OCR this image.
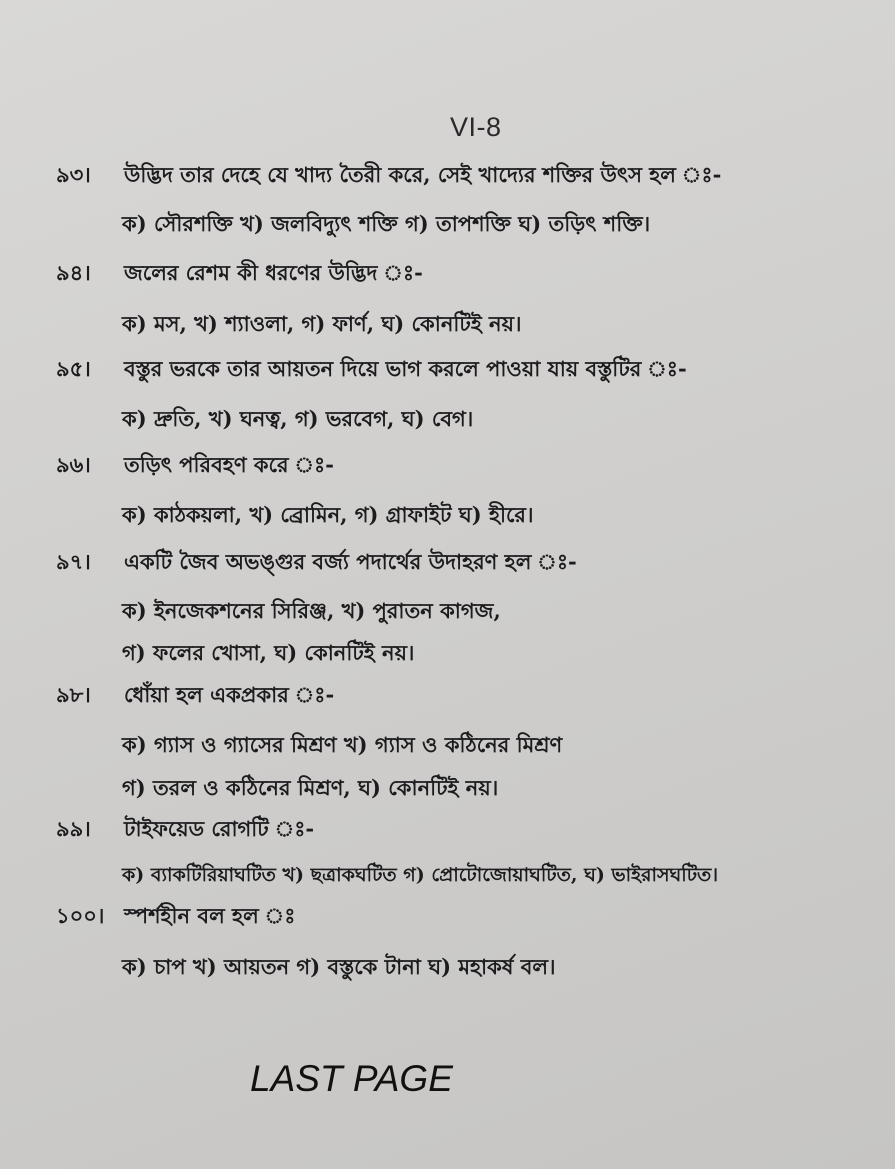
VI-8
৯৩। উদ্ভিদ তার দেহে যে খাদ্য তৈরী করে, সেই খাদ্যের শক্তির উৎস হল ঃ-
ক) সৌরশক্তি খ) জলবিদ্যুৎ শক্তি গ) তাপশক্তি ঘ) তড়িৎ শক্তি।
৯৪। জলের রেশম কী ধরণের উদ্ভিদ ঃ-
ক) মস, খ) শ্যাওলা, গ) ফার্ণ, ঘ) কোনটিই নয়।
৯৫। বস্তুর ভরকে তার আয়তন দিয়ে ভাগ করলে পাওয়া যায় বস্তুটির ঃ-
ক) দ্রুতি, খ) ঘনত্ব, গ) ভরবেগ, ঘ) বেগ।
৯৬। তড়িৎ পরিবহণ করে ঃ-
ক) কাঠকয়লা, খ) ব্রোমিন, গ) গ্রাফাইট ঘ) হীরে।
৯৭। একটি জৈব অভঙ্গুর বর্জ্য পদার্থের উদাহরণ হল ঃ-
ক) ইনজেকশনের সিরিঞ্জ, খ) পুরাতন কাগজ,
গ) ফলের খোসা, ঘ) কোনটিই নয়।
৯৮। ধোঁয়া হল একপ্রকার ঃ-
ক) গ্যাস ও গ্যাসের মিশ্রণ খ) গ্যাস ও কঠিনের মিশ্রণ
গ) তরল ও কঠিনের মিশ্রণ, ঘ) কোনটিই নয়।
৯৯। টাইফয়েড রোগটি ঃ-
ক) ব্যাকটিরিয়াঘটিত খ) ছত্রাকঘটিত গ) প্রোটোজোয়াঘটিত, ঘ) ভাইরাসঘটিত।
১০০। স্পর্শহীন বল হল ঃ
ক) চাপ খ) আয়তন গ) বস্তুকে টানা ঘ) মহাকর্ষ বল।
LAST PAGE
